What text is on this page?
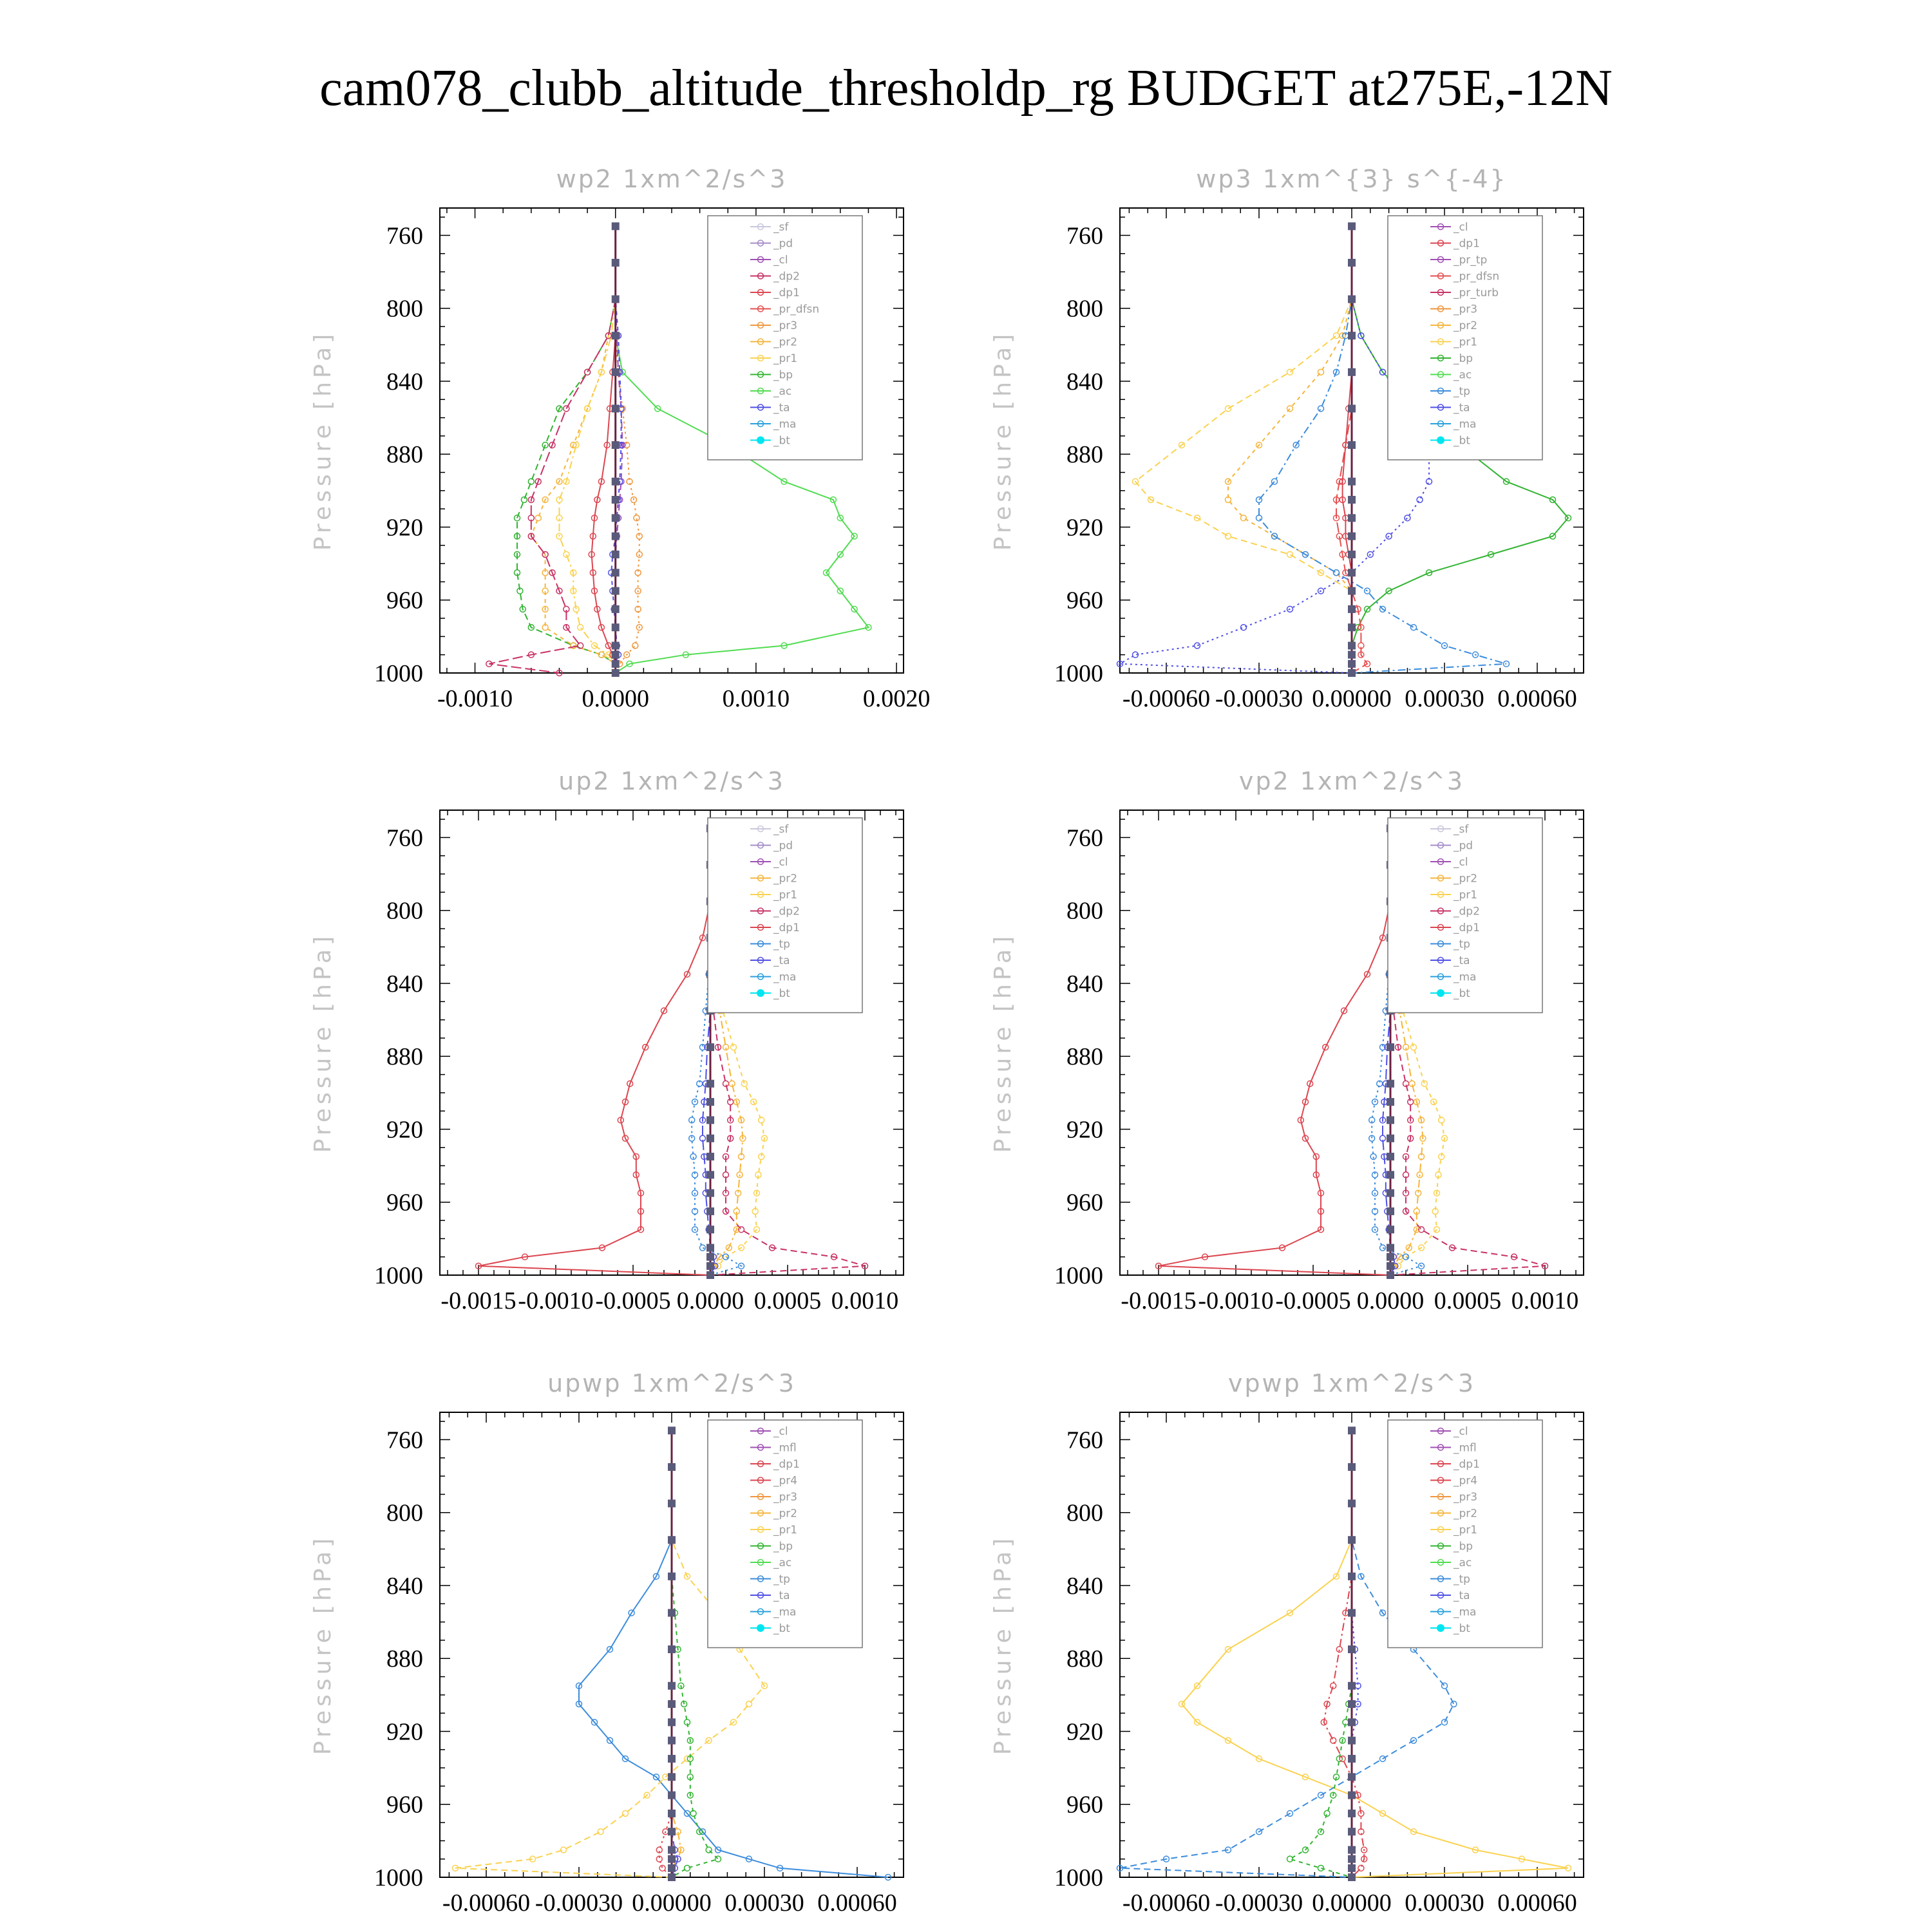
cam078_clubb_altitude_thresholdp_rg BUDGET at275E,-12N
760
800
840
880
920
960
1000
-0.0010	0.0000	0.0010	0.0020
wp2 1xm^2/s^3
Pressure [hPa]
_sf
_pd
_cl
_dp2
_dp1
_pr_dfsn
_pr3
_pr2
_pr1
_bp
_ac
_ta
_ma
_bt
760
800
840
880
920
960
1000
-0.00060 -0.00030 0.00000 0.00030 0.00060
wp3 1xm^{3} s^{-4}
Pressure [hPa]
_cl
_dp1
_pr_tp
_pr_dfsn
_pr_turb
_pr3
_pr2
_pr1
_bp
_ac
_tp
_ta
_ma
_bt
760
800
840
880
920
960
1000
-0.0015 -0.0010 -0.0005 0.0000 0.0005 0.0010
up2 1xm^2/s^3
Pressure [hPa]
_sf
_pd
_cl
_pr2
_pr1
_dp2
_dp1
_tp
_ta
_ma
_bt
760
800
840
880
920
960
1000
-0.0015 -0.0010 -0.0005 0.0000 0.0005 0.0010
vp2 1xm^2/s^3
Pressure [hPa]
_sf
_pd
_cl
_pr2
_pr1
_dp2
_dp1
_tp
_ta
_ma
_bt
760
800
840
880
920
960
1000
-0.00060 -0.00030 0.00000 0.00030 0.00060
upwp 1xm^2/s^3
Pressure [hPa]
_cl
_mfl
_dp1
_pr4
_pr3
_pr2
_pr1
_bp
_ac
_tp
_ta
_ma
_bt
760
800
840
880
920
960
1000
-0.00060 -0.00030 0.00000 0.00030 0.00060
vpwp 1xm^2/s^3
Pressure [hPa]
_cl
_mfl
_dp1
_pr4
_pr3
_pr2
_pr1
_bp
_ac
_tp
_ta
_ma
_bt
